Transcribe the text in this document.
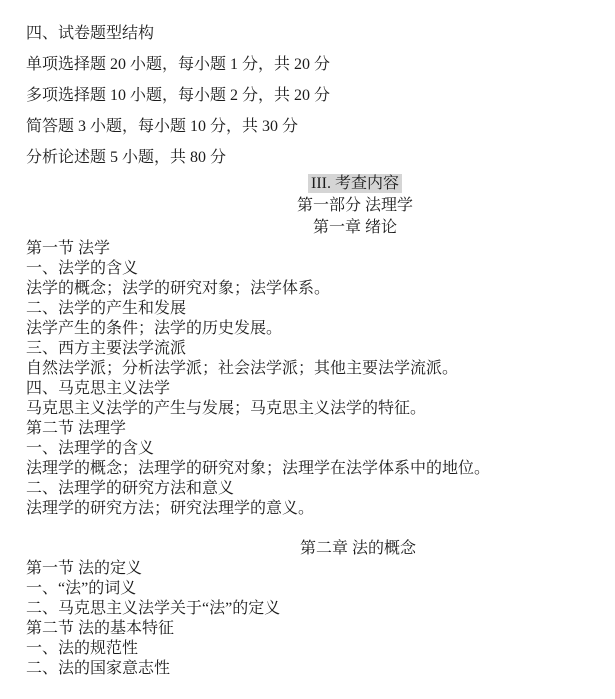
四、试卷题型结构
单项选择题 20 小题，每小题 1 分，共 20 分
多项选择题 10 小题，每小题 2 分，共 20 分
简答题 3 小题，每小题 10 分，共 30 分
分析论述题 5 小题，共 80 分
III. 考查内容
第一部分 法理学
第一章 绪论
第一节 法学
一、法学的含义
法学的概念；法学的研究对象；法学体系。
二、法学的产生和发展
法学产生的条件；法学的历史发展。
三、西方主要法学流派
自然法学派；分析法学派；社会法学派；其他主要法学流派。
四、马克思主义法学
马克思主义法学的产生与发展；马克思主义法学的特征。
第二节 法理学
一、法理学的含义
法理学的概念；法理学的研究对象；法理学在法学体系中的地位。
二、法理学的研究方法和意义
法理学的研究方法；研究法理学的意义。
第二章 法的概念
第一节 法的定义
一、“法”的词义
二、马克思主义法学关于“法”的定义
第二节 法的基本特征
一、法的规范性
二、法的国家意志性
